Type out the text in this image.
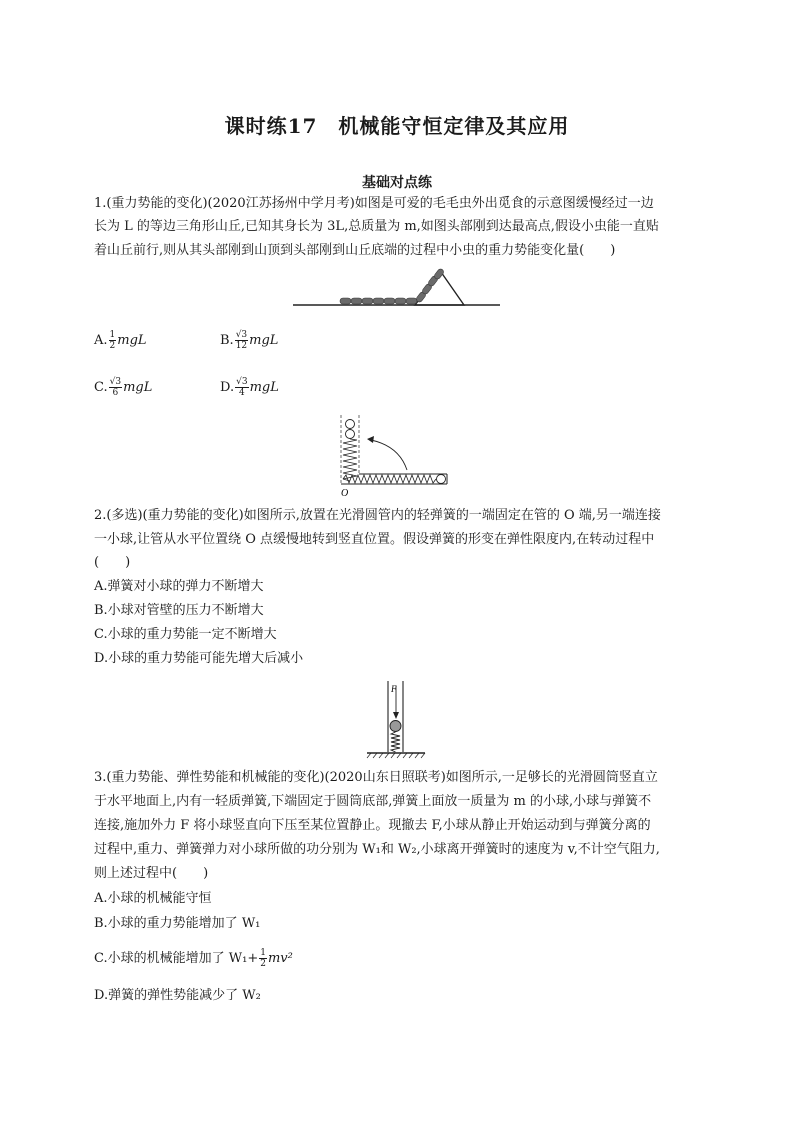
课时练17　机械能守恒定律及其应用
基础对点练
1.(重力势能的变化)(2020江苏扬州中学月考)如图是可爱的毛毛虫外出觅食的示意图缓慢经过一边
长为 L 的等边三角形山丘,已知其身长为 3L,总质量为 m,如图头部刚到达最高点,假设小虫能一直贴
着山丘前行,则从其头部刚到山顶到头部刚到山丘底端的过程中小虫的重力势能变化量(　　)
A. $\frac{1}{2}$ mgL	B. $\frac{√3}{12}$ mgL
C. $\frac{√3}{6}$ mgL	D. $\frac{√3}{4}$ mgL
O
2.(多选)(重力势能的变化)如图所示,放置在光滑圆管内的轻弹簧的一端固定在管的 O 端,另一端连接
一小球,让管从水平位置绕 O 点缓慢地转到竖直位置。假设弹簧的形变在弹性限度内,在转动过程中
(　　)
A.弹簧对小球的弹力不断增大
B.小球对管壁的压力不断增大
C.小球的重力势能一定不断增大
D.小球的重力势能可能先增大后减小
F
3.(重力势能、弹性势能和机械能的变化)(2020山东日照联考)如图所示,一足够长的光滑圆筒竖直立
于水平地面上,内有一轻质弹簧,下端固定于圆筒底部,弹簧上面放一质量为 m 的小球,小球与弹簧不
连接,施加外力 F 将小球竖直向下压至某位置静止。现撤去 F,小球从静止开始运动到与弹簧分离的
过程中,重力、弹簧弹力对小球所做的功分别为 W₁和 W₂,小球离开弹簧时的速度为 v,不计空气阻力,
则上述过程中(　　)
A.小球的机械能守恒
B.小球的重力势能增加了 W₁
C.小球的机械能增加了 $W_1+ \frac{1}{2} mv^2$
D.弹簧的弹性势能减少了 W₂
